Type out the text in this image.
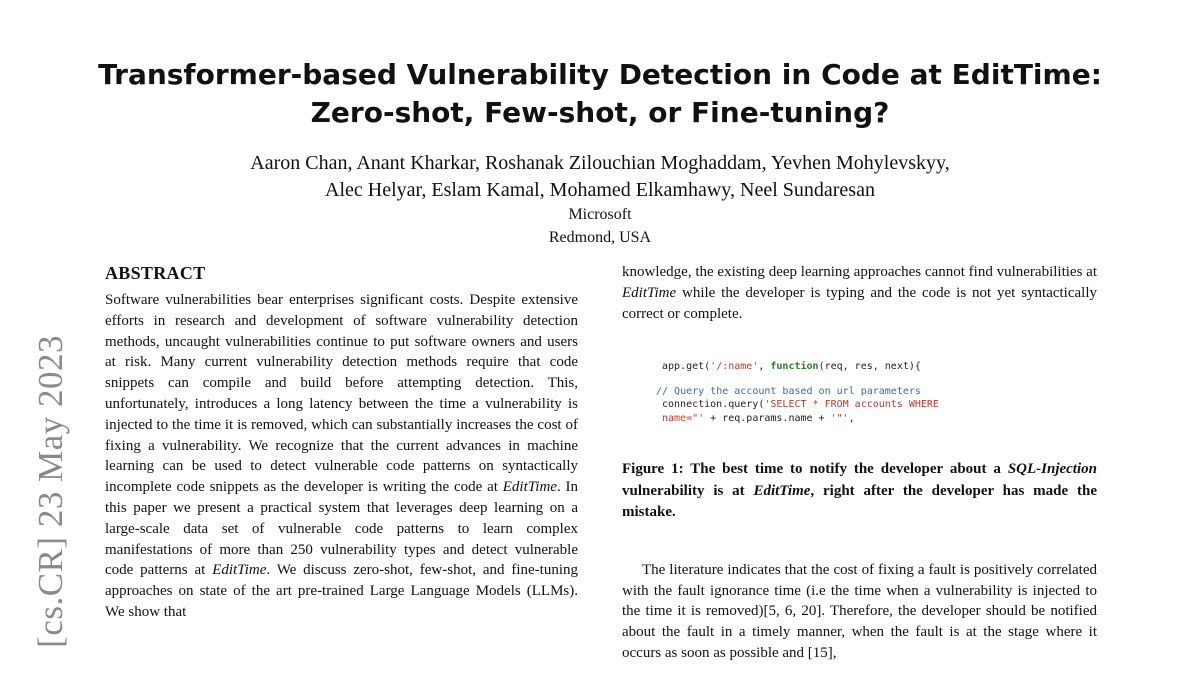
[cs.CR] 23 May 2023
Transformer-based Vulnerability Detection in Code at EditTime:
Zero-shot, Few-shot, or Fine-tuning?
Aaron Chan, Anant Kharkar, Roshanak Zilouchian Moghaddam, Yevhen Mohylevskyy,
Alec Helyar, Eslam Kamal, Mohamed Elkamhawy, Neel Sundaresan
Microsoft
Redmond, USA
ABSTRACT

Software vulnerabilities bear enterprises significant costs. Despite extensive efforts in research and development of software vulnerability detection methods, uncaught vulnerabilities continue to put software owners and users at risk. Many current vulnerability detection methods require that code snippets can compile and build before attempting detection. This, unfortunately, introduces a long latency between the time a vulnerability is injected to the time it is removed, which can substantially increases the cost of fixing a vulnerability. We recognize that the current advances in machine learning can be used to detect vulnerable code patterns on syntactically incomplete code snippets as the developer is writing the code at EditTime. In this paper we present a practical system that leverages deep learning on a large-scale data set of vulnerable code patterns to learn complex manifestations of more than 250 vulnerability types and detect vulnerable code patterns at EditTime. We discuss zero-shot, few-shot, and fine-tuning approaches on state of the art pre-trained Large Language Models (LLMs). We show that

knowledge, the existing deep learning approaches cannot find vulnerabilities at EditTime while the developer is typing and the code is not yet syntactically correct or complete.

app.get('/:name', function(req, res, next){
// Query the account based on url parameters
connection.query('SELECT * FROM accounts WHERE
name="' + req.params.name + '"',
Figure 1: The best time to notify the developer about a SQL-Injection vulnerability is at EditTime, right after the developer has made the mistake.

The literature indicates that the cost of fixing a fault is positively correlated with the fault ignorance time (i.e the time when a vulnerability is injected to the time it is removed)[5, 6, 20]. Therefore, the developer should be notified about the fault in a timely manner, when the fault is at the stage where it occurs as soon as possible and [15],
